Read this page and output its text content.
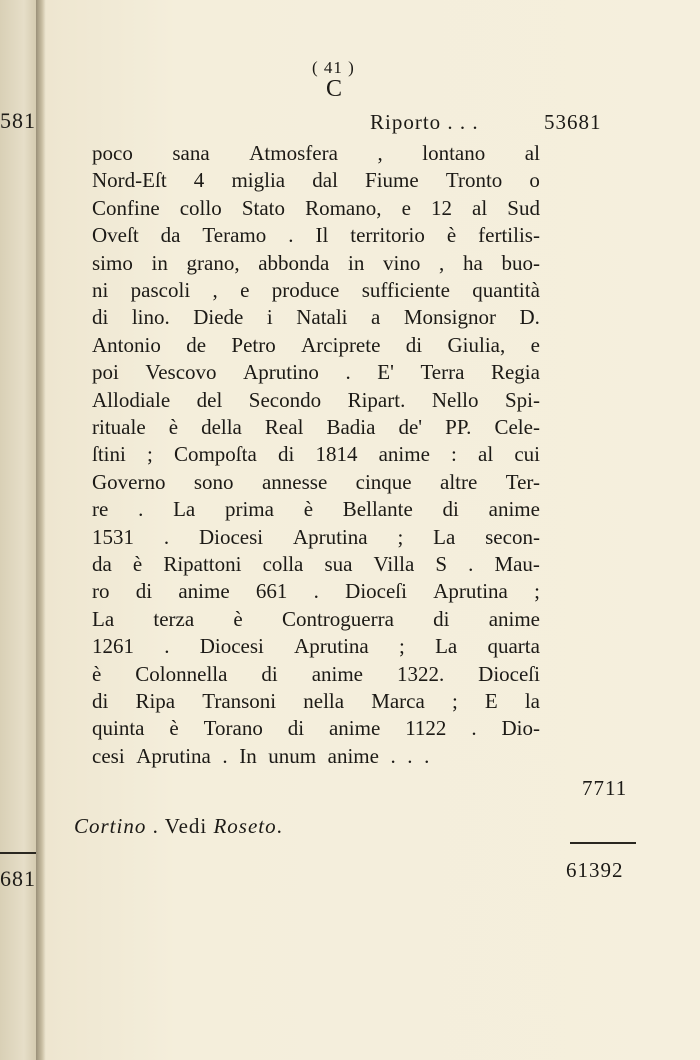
581
681
( 41 )
C
Riporto . . .	53681
poco sana Atmosfera , lontano al
Nord-Eſt 4 miglia dal Fiume Tronto o
Confine collo Stato Romano, e 12 al Sud
Oveſt da Teramo . Il territorio è fertilis-
simo in grano, abbonda in vino , ha buo-
ni pascoli , e produce sufficiente quantità
di lino. Diede i Natali a Monsignor D.
Antonio de Petro Arciprete di Giulia, e
poi Vescovo Aprutino . E' Terra Regia
Allodiale del Secondo Ripart. Nello Spi-
rituale è della Real Badia de' PP. Cele-
ſtini ; Compoſta di 1814 anime : al cui
Governo sono annesse cinque altre Ter-
re . La prima è Bellante di anime
1531 . Diocesi Aprutina ; La secon-
da è Ripattoni colla sua Villa S . Mau-
ro di anime 661 . Dioceſi Aprutina ;
La terza è Controguerra di anime
1261 . Diocesi Aprutina ; La quarta
è Colonnella di anime 1322. Dioceſi
di Ripa Transoni nella Marca ; E la
quinta è Torano di anime 1122 . Dio-
cesi Aprutina . In unum anime . . .
7711
Cortino . Vedi Roseto.
61392
